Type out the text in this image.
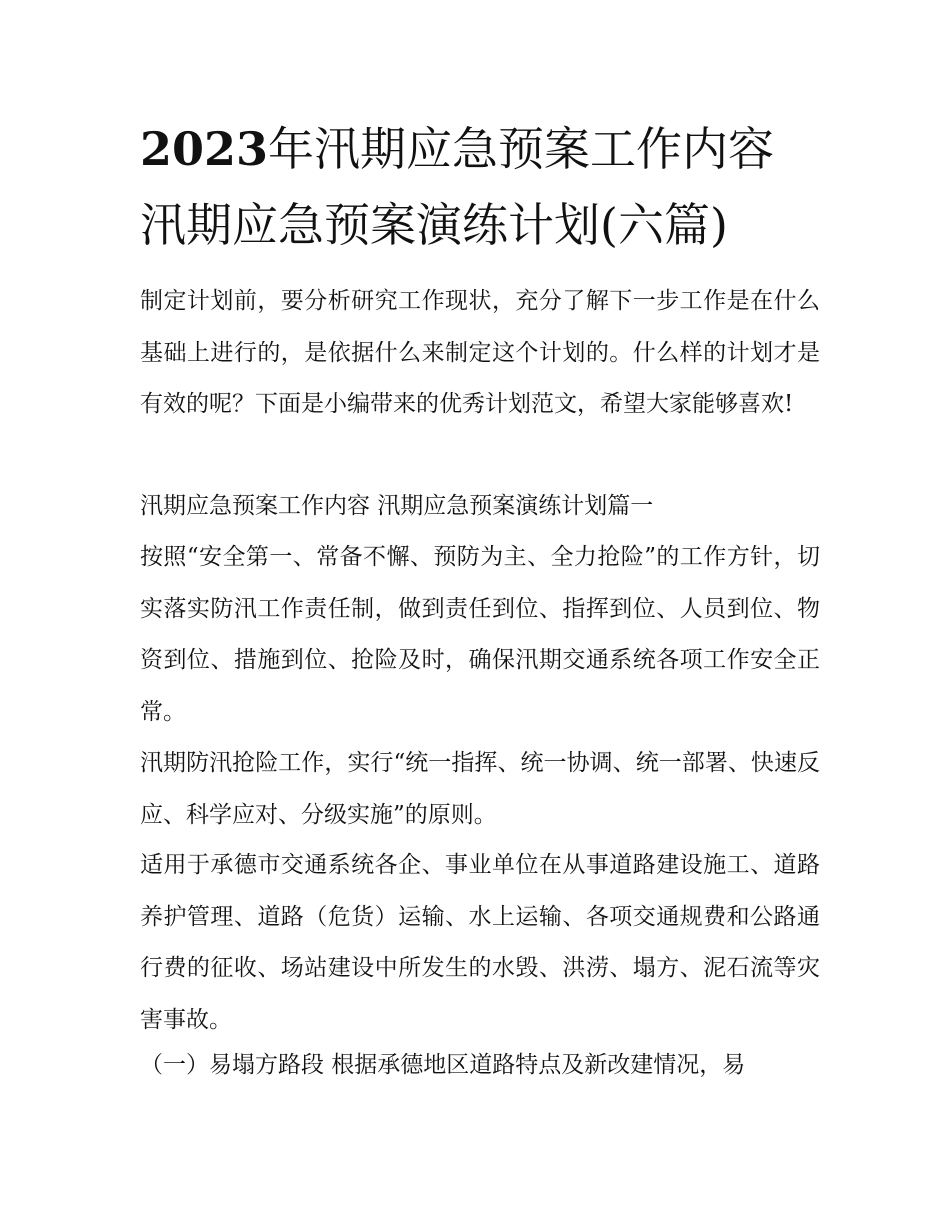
2023年汛期应急预案工作内容
汛期应急预案演练计划(六篇)

制定计划前，要分析研究工作现状，充分了解下一步工作是在什么基础上进行的，是依据什么来制定这个计划的。什么样的计划才是有效的呢？下面是小编带来的优秀计划范文，希望大家能够喜欢!

汛期应急预案工作内容 汛期应急预案演练计划篇一

按照“安全第一、常备不懈、预防为主、全力抢险”的工作方针，切实落实防汛工作责任制，做到责任到位、指挥到位、人员到位、物资到位、措施到位、抢险及时，确保汛期交通系统各项工作安全正常。

汛期防汛抢险工作，实行“统一指挥、统一协调、统一部署、快速反应、科学应对、分级实施”的原则。

适用于承德市交通系统各企、事业单位在从事道路建设施工、道路养护管理、道路（危货）运输、水上运输、各项交通规费和公路通行费的征收、场站建设中所发生的水毁、洪涝、塌方、泥石流等灾害事故。

（一）易塌方路段 根据承德地区道路特点及新改建情况，易
